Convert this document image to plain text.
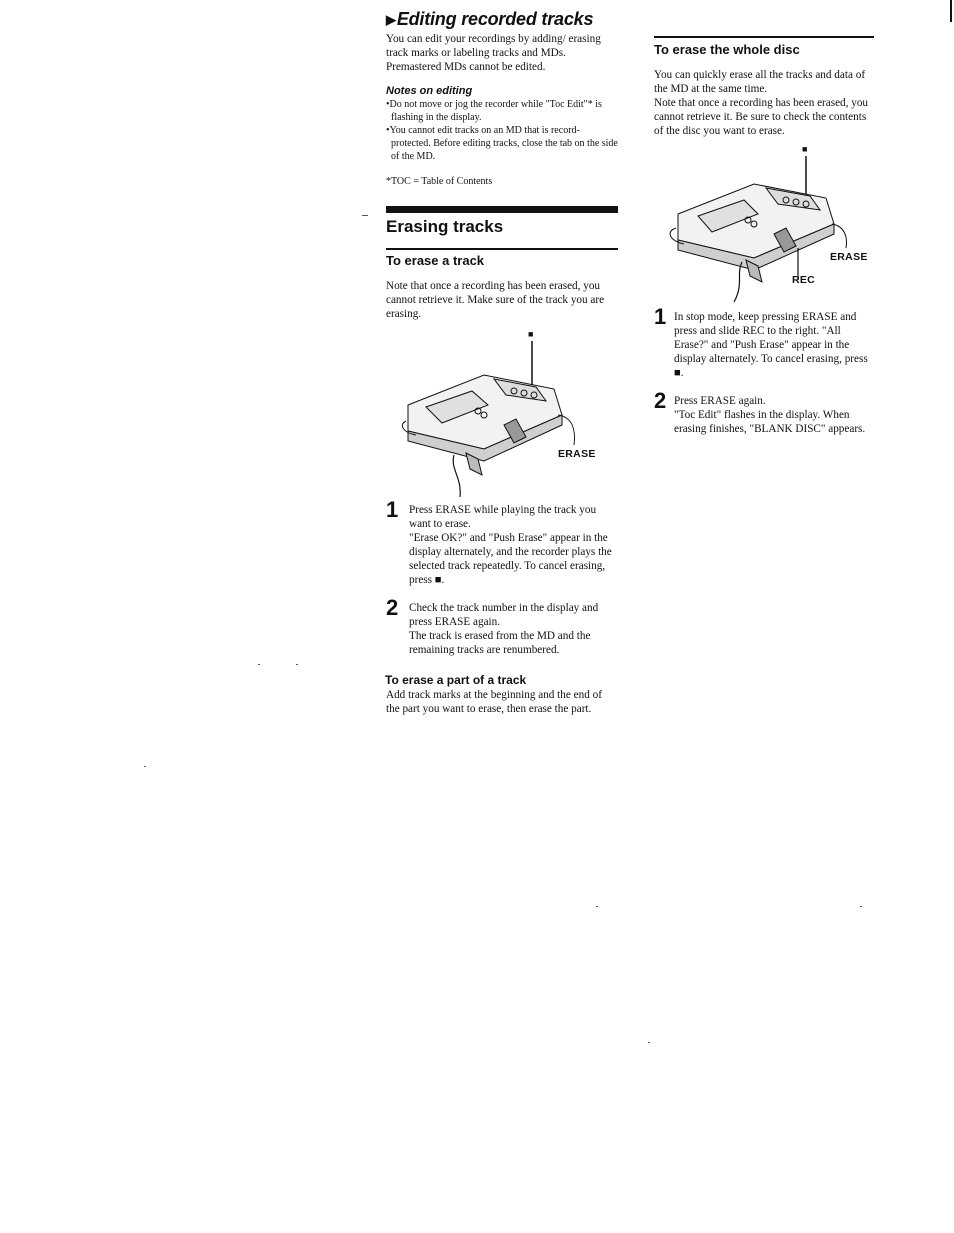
▶Editing recorded tracks

You can edit your recordings by adding/ erasing track marks or labeling tracks and MDs. Premastered MDs cannot be edited.

Notes on editing
• Do not move or jog the recorder while "Toc Edit"* is flashing in the display.
• You cannot edit tracks on an MD that is record-protected. Before editing tracks, close the tab on the side of the MD.

*TOC = Table of Contents

Erasing tracks
To erase a track

Note that once a recording has been erased, you cannot retrieve it. Make sure of the track you are erasing.

■
ERASE
1 Press ERASE while playing the track you want to erase.
"Erase OK?" and "Push Erase" appear in the display alternately, and the recorder plays the selected track repeatedly. To cancel erasing, press ■.
2 Check the track number in the display and press ERASE again.
The track is erased from the MD and the remaining tracks are renumbered.
To erase a part of a track

Add track marks at the beginning and the end of the part you want to erase, then erase the part.

To erase the whole disc

You can quickly erase all the tracks and data of the MD at the same time.
Note that once a recording has been erased, you cannot retrieve it. Be sure to check the contents of the disc you want to erase.

■
ERASE
REC
1 In stop mode, keep pressing ERASE and press and slide REC to the right. "All Erase?" and "Push Erase" appear in the display alternately. To cancel erasing, press ■.
2 Press ERASE again.
"Toc Edit" flashes in the display. When erasing finishes, "BLANK DISC" appears.
